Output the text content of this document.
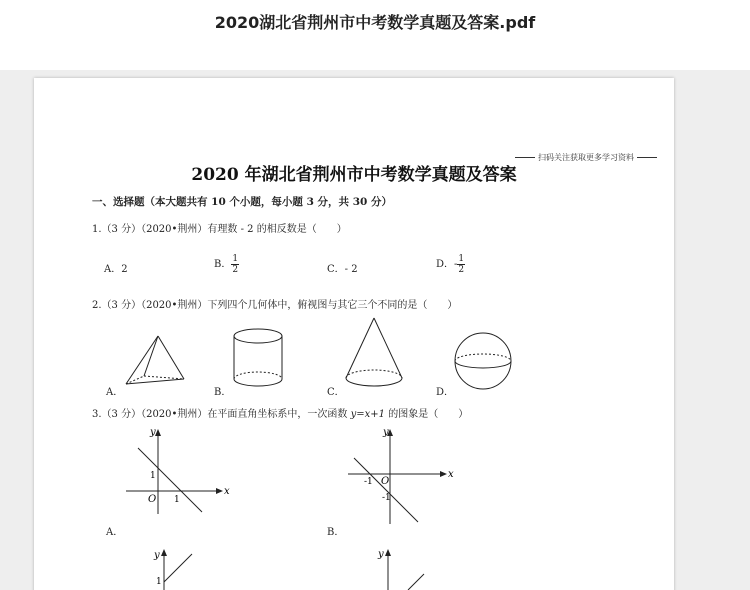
2020湖北省荆州市中考数学真题及答案.pdf
扫码关注获取更多学习资料
2020 年湖北省荆州市中考数学真题及答案
一、选择题（本大题共有 10 个小题，每小题 3 分，共 30 分）
1.（3 分）（2020•荆州）有理数 - 2 的相反数是（　　）
A．2	B． $\frac{1}{2}$	C．- 2	D．- $\frac{1}{2}$
2.（3 分）（2020•荆州）下列四个几何体中，俯视图与其它三个不同的是（　　）
A．	B．	C．	D．
3.（3 分）（2020•荆州）在平面直角坐标系中，一次函数 y=x+1 的图象是（　　）
y
x
O
1
1
A．
y
x
O
-1
-1
B．
y
1
y
